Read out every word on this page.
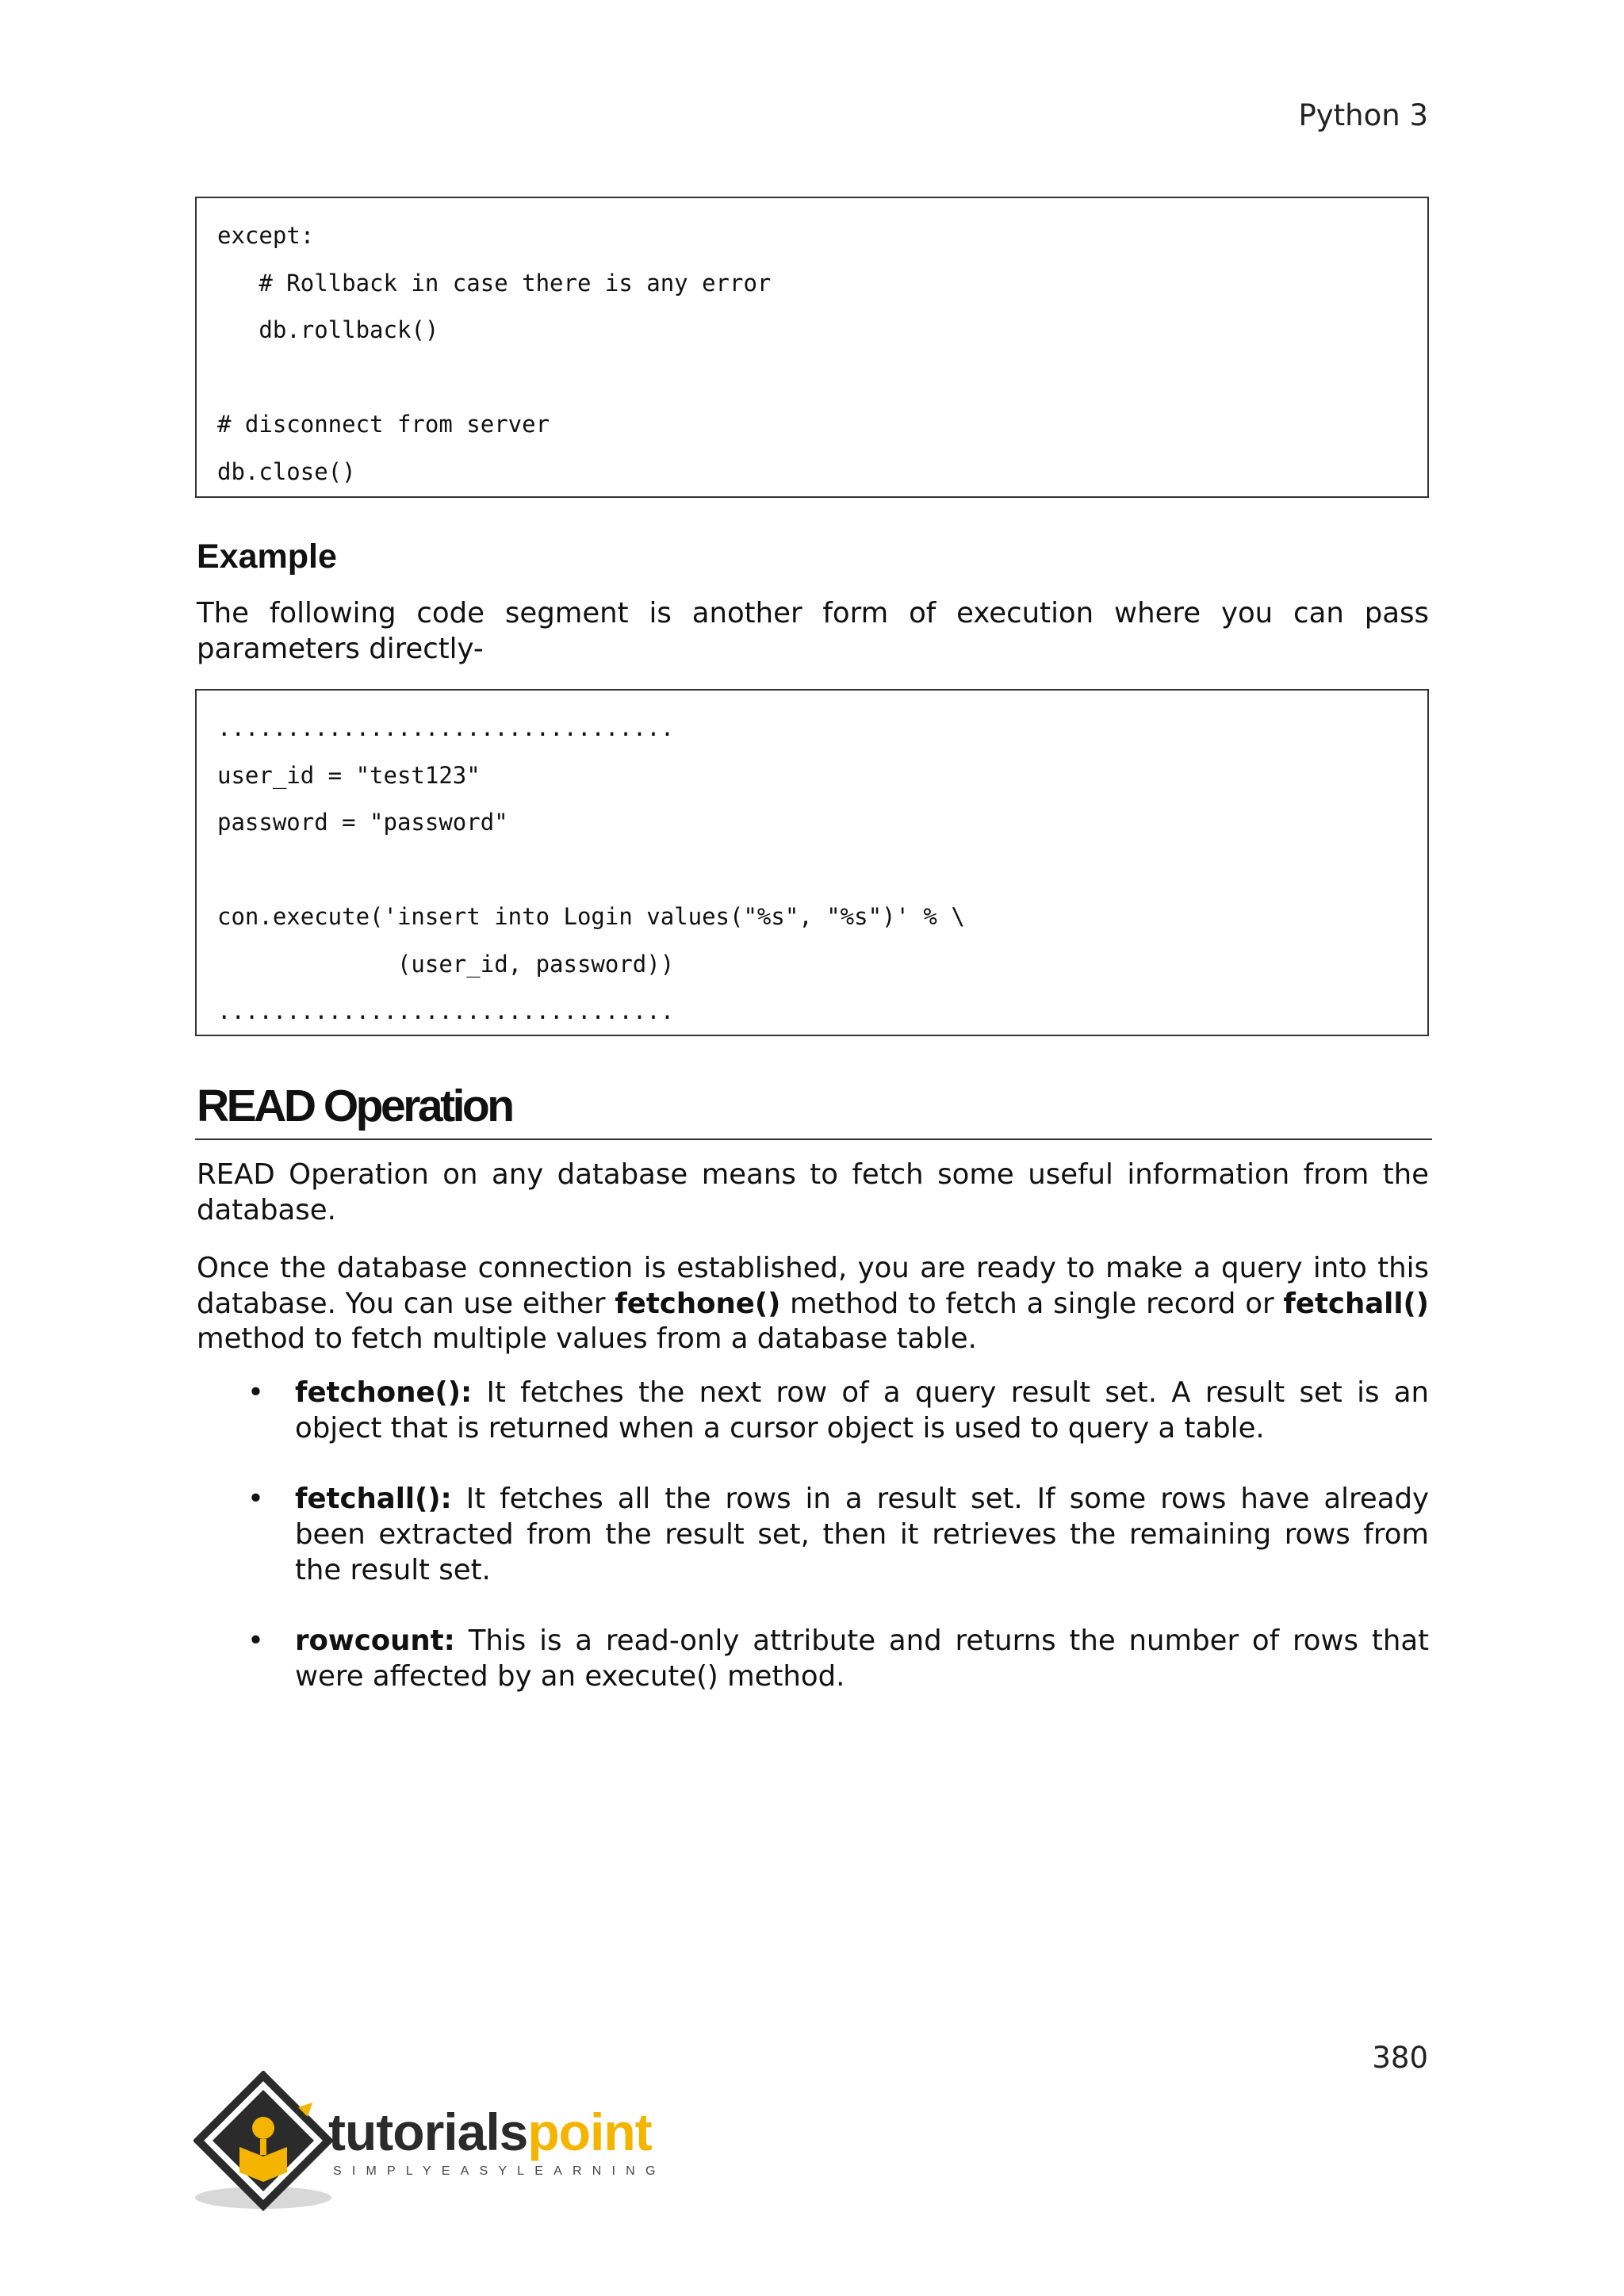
Python 3
except:
# Rollback in case there is any error
db.rollback()
# disconnect from server
db.close()
Example
The following code segment is another form of execution where you can pass parameters directly-
.................................
user_id = "test123"
password = "password"
con.execute('insert into Login values("%s", "%s")' % \
(user_id, password))
.................................
READ Operation
READ Operation on any database means to fetch some useful information from the database.
Once the database connection is established, you are ready to make a query into this database. You can use either fetchone() method to fetch a single record or fetchall() method to fetch multiple values from a database table.
• fetchone(): It fetches the next row of a query result set. A result set is an object that is returned when a cursor object is used to query a table.
• fetchall(): It fetches all the rows in a result set. If some rows have already been extracted from the result set, then it retrieves the remaining rows from the result set.
• rowcount: This is a read-only attribute and returns the number of rows that were affected by an execute() method.
380
tutorialspoint
SIMPLYEASYLEARNING
